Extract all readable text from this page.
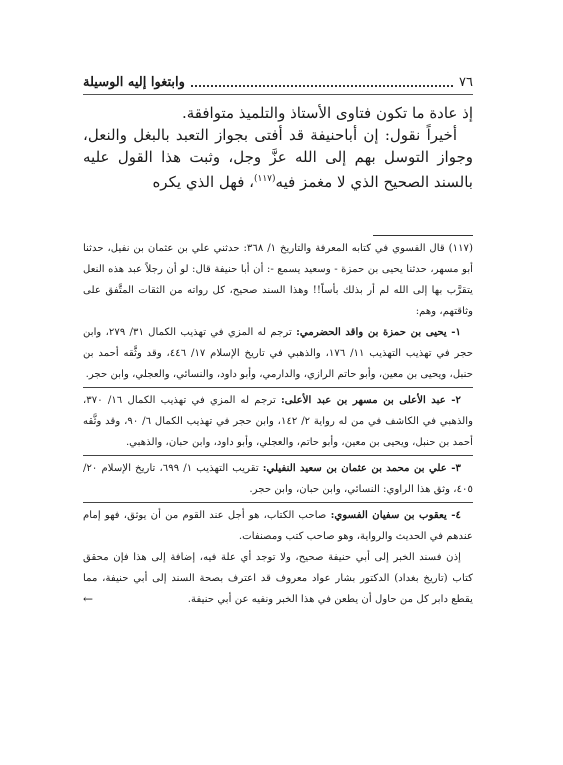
٧٦
وابتغوا إليه الوسيلة

إذ عادة ما تكون فتاوى الأستاذ والتلميذ متوافقة.

أخيراً نقول: إن أباحنيفة قد أفتى بجواز التعبد بالبغل والنعل، وجواز التوسل بهم إلى الله عزَّ وجل، وثبت هذا القول عليه بالسند الصحيح الذي لا مغمز فيه$^{(١١٧)}$، فهل الذي يكره

(١١٧) قال الفسوي في كتابه المعرفة والتاريخ ١/ ٣٦٨: حدثني علي بن عثمان بن نفيل، حدثنا أبو مسهر، حدثنا يحيى بن حمزة - وسعيد يسمع -: أن أبا حنيفة قال: لو أن رجلاً عبد هذه النعل يتقرَّب بها إلى الله لم أر بذلك بأساً!! وهذا السند صحيح، كل رواته من الثقات المتَّفق على وثاقتهم، وهم:

١- يحيى بن حمزة بن واقد الحضرمي: ترجم له المزي في تهذيب الكمال ٣١/ ٢٧٩، وابن حجر في تهذيب التهذيب ١١/ ١٧٦، والذهبي في تاريخ الإسلام ١٧/ ٤٤٦، وقد وثَّقه أحمد بن حنبل، ويحيى بن معين، وأبو حاتم الرازي، والدارمي، وأبو داود، والنسائي، والعجلي، وابن حجر.

٢- عبد الأعلى بن مسهر بن عبد الأعلى: ترجم له المزي في تهذيب الكمال ١٦/ ٣٧٠، والذهبي في الكاشف في من له رواية ٢/ ١٤٢، وابن حجر في تهذيب الكمال ٦/ ٩٠، وقد وثَّقه أحمد بن حنبل، ويحيى بن معين، وأبو حاتم، والعجلي، وأبو داود، وابن حبان، والذهبي.

٣- علي بن محمد بن عثمان بن سعيد النفيلي: تقريب التهذيب ١/ ٦٩٩، تاريخ الإسلام ٢٠/ ٤٠٥، وثق هذا الراوي: النسائي، وابن حبان، وابن حجر.

٤- يعقوب بن سفيان الفسوي: صاحب الكتاب، هو أجل عند القوم من أن يوثق، فهو إمام عندهم في الحديث والرواية، وهو صاحب كتب ومصنفات.

إذن فسند الخبر إلى أبي حنيفة صحيح، ولا توجد أي علة فيه، إضافة إلى هذا فإن محقق كتاب (تاريخ بغداد) الدكتور بشار عواد معروف قد اعترف بصحة السند إلى أبي حنيفة، مما يقطع دابر كل من حاول أن يطعن في هذا الخبر ونفيه عن أبي حنيفة.
←
